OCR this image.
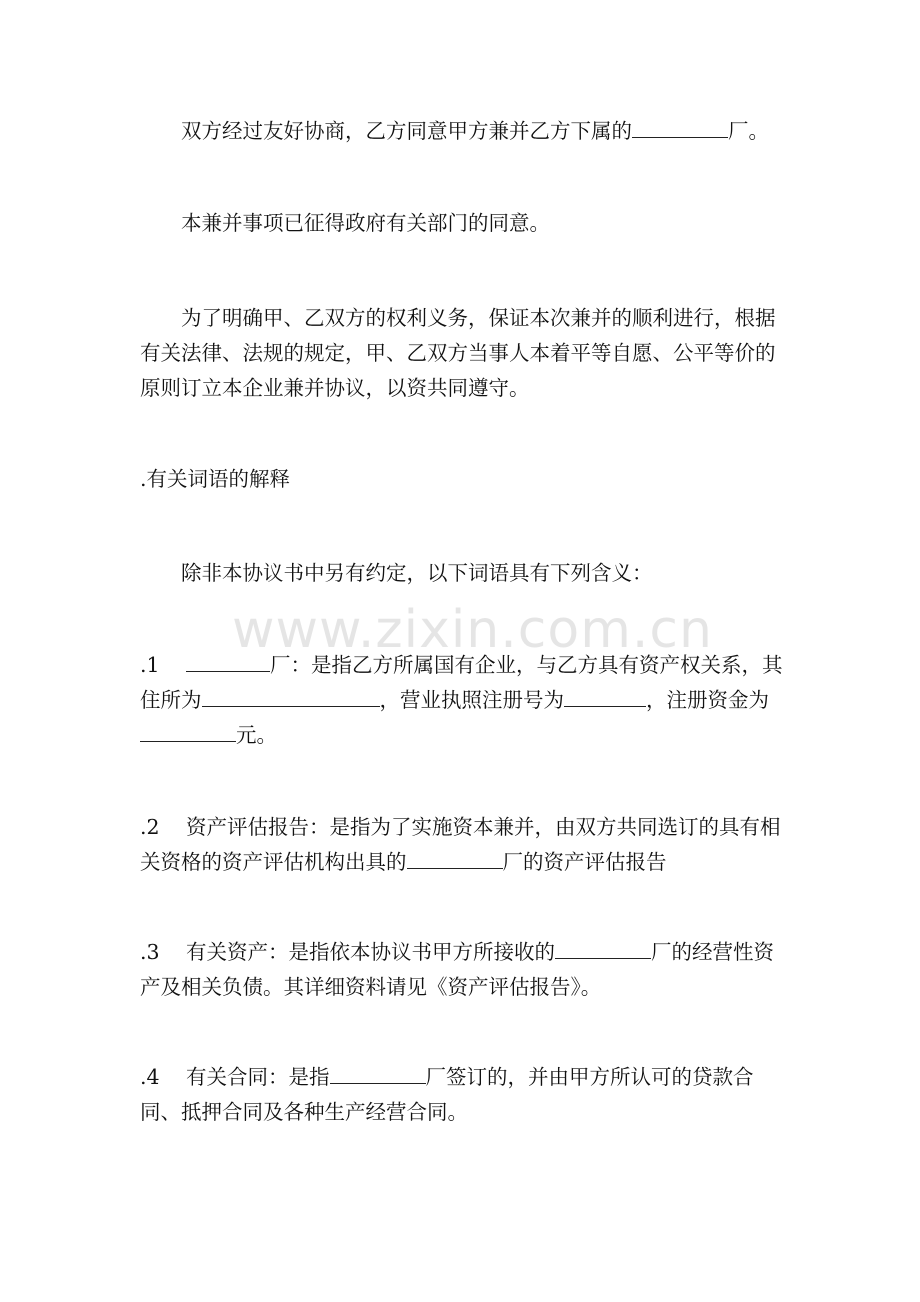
双方经过友好协商，乙方同意甲方兼并乙方下属的	厂。

本兼并事项已征得政府有关部门的同意。

为了明确甲、乙双方的权利义务，保证本次兼并的顺利进行，根据有关法律、法规的规定，甲、乙双方当事人本着平等自愿、公平等价的原则订立本企业兼并协议，以资共同遵守。

.有关词语的解释

除非本协议书中另有约定，以下词语具有下列含义：

.1	厂：是指乙方所属国有企业，与乙方具有资产权关系，其住所为	，营业执照注册号为	，注册资金为元。

.2 资产评估报告：是指为了实施资本兼并，由双方共同选订的具有相关资格的资产评估机构出具的	厂的资产评估报告

.3 有关资产：是指依本协议书甲方所接收的	厂的经营性资产及相关负债。其详细资料请见《资产评估报告》。

.4 有关合同：是指	厂签订的，并由甲方所认可的贷款合同、抵押合同及各种生产经营合同。

www.zixin.com.cn
